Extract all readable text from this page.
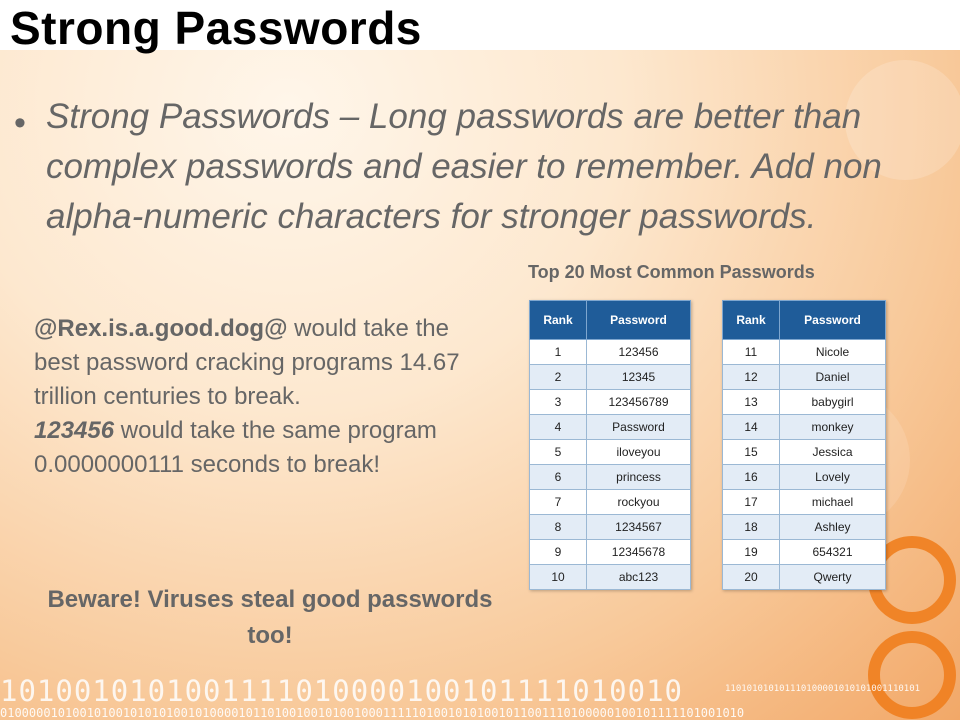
Strong Passwords
• Strong Passwords – Long passwords are better than complex passwords and easier to remember. Add non alpha-numeric characters for stronger passwords.
Top 20 Most Common Passwords
@Rex.is.a.good.dog@ would take the best password cracking programs 14.67 trillion centuries to break.
123456 would take the same program 0.0000000111 seconds to break!
Beware! Viruses steal good passwords too!
Rank	Password
1	123456
2	12345
3	123456789
4	Password
5	iloveyou
6	princess
7	rockyou
8	1234567
9	12345678
10	abc123
Rank	Password
11	Nicole
12	Daniel
13	babygirl
14	monkey
15	Jessica
16	Lovely
17	michael
18	Ashley
19	654321
20	Qwerty
1010010101001111010000100101111010010	110101010101110100001010101001110101
0100000101001010010101010010100001011010010010100100011111010010101001011001110100000100101111101001010
